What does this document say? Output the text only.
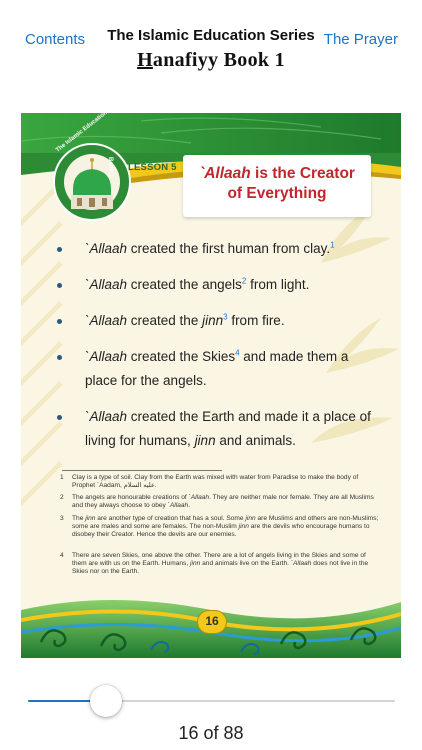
Contents	The Islamic Education Series
Hanafiyy Book 1
The Prayer
Book 1 LESSON 5	`Allaah is the Creator
of Everything
`Allaah created the first human from clay.$^1$
`Allaah created the angels$^2$ from light.
`Allaah created the jinn$^3$ from fire.
`Allaah created the Skies$^4$ and made them a place for the angels.
`Allaah created the Earth and made it a place of living for humans, jinn and animals.
1 Clay is a type of soil. Clay from the Earth was mixed with water from Paradise to make the body of Prophet `Aadam, عليه السلام.
2 The angels are honourable creations of `Allaah. They are neither male nor female. They are all Muslims and they always choose to obey `Allaah.
3 The jinn are another type of creation that has a soul. Some jinn are Muslims and others are non-Muslims; some are males and some are females. The non-Muslim jinn are the devils who encourage humans to disobey their Creator. Hence the devils are our enemies.
4 There are seven Skies, one above the other. There are a lot of angels living in the Skies and some of them are with us on the Earth. Humans, jinn and animals live on the Earth. `Allaah does not live in the Skies nor on the Earth.
16
16 of 88
